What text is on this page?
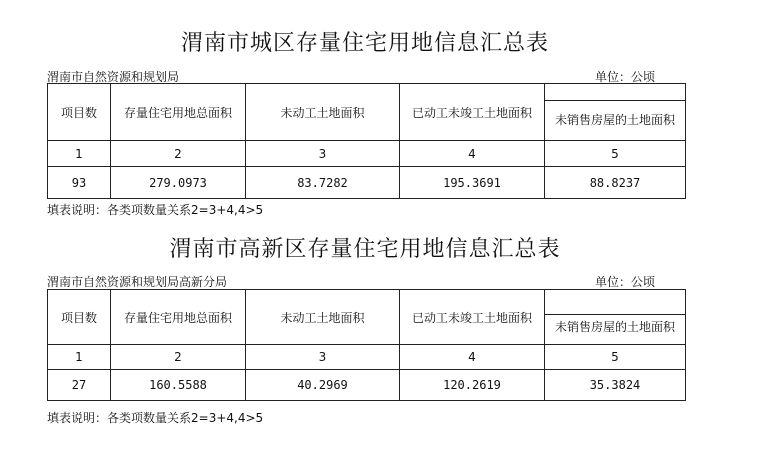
渭南市城区存量住宅用地信息汇总表
渭南市自然资源和规划局	单位：公顷
项目数	存量住宅用地总面积	未动工土地面积	已动工未竣工土地面积	未销售房屋的土地面积

1	2	3	4	5
93	279.0973	83.7282	195.3691	88.8237
填表说明：各类项数量关系2=3+4,4>5
渭南市高新区存量住宅用地信息汇总表
渭南市自然资源和规划局高新分局	单位：公顷
项目数	存量住宅用地总面积	未动工土地面积	已动工未竣工土地面积	未销售房屋的土地面积

1	2	3	4	5
27	160.5588	40.2969	120.2619	35.3824
填表说明：各类项数量关系2=3+4,4>5
